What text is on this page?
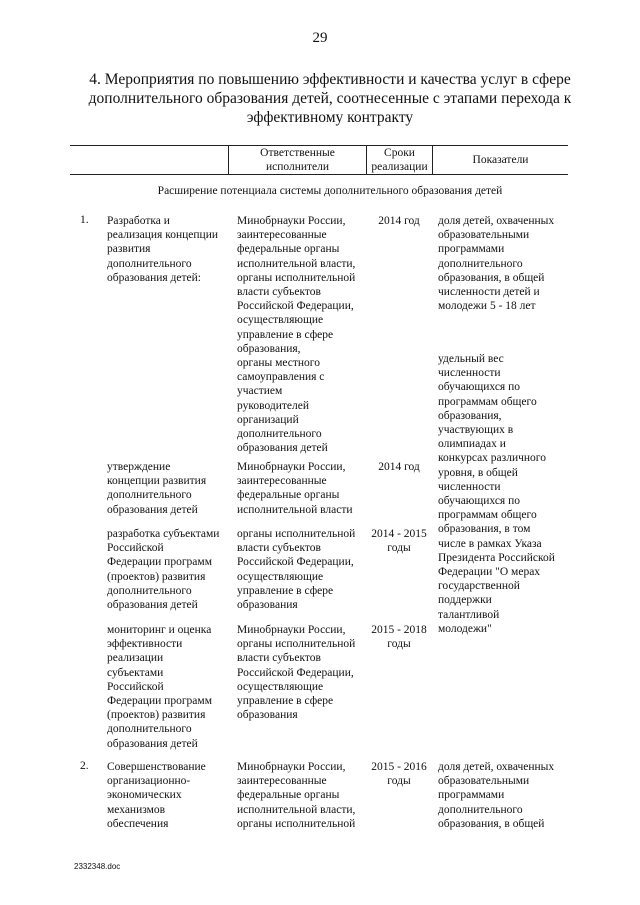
29
4. Мероприятия по повышению эффективности и качества услуг в сфере дополнительного образования детей, соотнесенные с этапами перехода к эффективному контракту
Ответственные
исполнители
Сроки
реализации
Показатели
Расширение потенциала системы дополнительного образования детей
1. Разработка и
реализация концепции
развития
дополнительного
образования детей:
Минобрнауки России,
заинтересованные
федеральные органы
исполнительной власти,
органы исполнительной
власти субъектов
Российской Федерации,
осуществляющие
управление в сфере
образования,
органы местного
самоуправления с
участием
руководителей
организаций
дополнительного
образования детей
2014 год	доля детей, охваченных
образовательными
программами
дополнительного
образования, в общей
численности детей и
молодежи 5 - 18 лет
удельный вес
численности
обучающихся по
программам общего
образования,
участвующих в
олимпиадах и
конкурсах различного
уровня, в общей
численности
обучающихся по
программам общего
образования, в том
числе в рамках Указа
Президента Российской
Федерации "О мерах
государственной
поддержки
талантливой
молодежи"
утверждение
концепции развития
дополнительного
образования детей
Минобрнауки России,
заинтересованные
федеральные органы
исполнительной власти
2014 год
разработка субъектами
Российской
Федерации программ
(проектов) развития
дополнительного
образования детей
органы исполнительной
власти субъектов
Российской Федерации,
осуществляющие
управление в сфере
образования
2014 - 2015
годы
мониторинг и оценка
эффективности
реализации
субъектами
Российской
Федерации программ
(проектов) развития
дополнительного
образования детей
Минобрнауки России,
органы исполнительной
власти субъектов
Российской Федерации,
осуществляющие
управление в сфере
образования
2015 - 2018
годы
2. Совершенствование
организационно-
экономических
механизмов
обеспечения
Минобрнауки России,
заинтересованные
федеральные органы
исполнительной власти,
органы исполнительной
2015 - 2016
годы
доля детей, охваченных
образовательными
программами
дополнительного
образования, в общей
2332348.doc
